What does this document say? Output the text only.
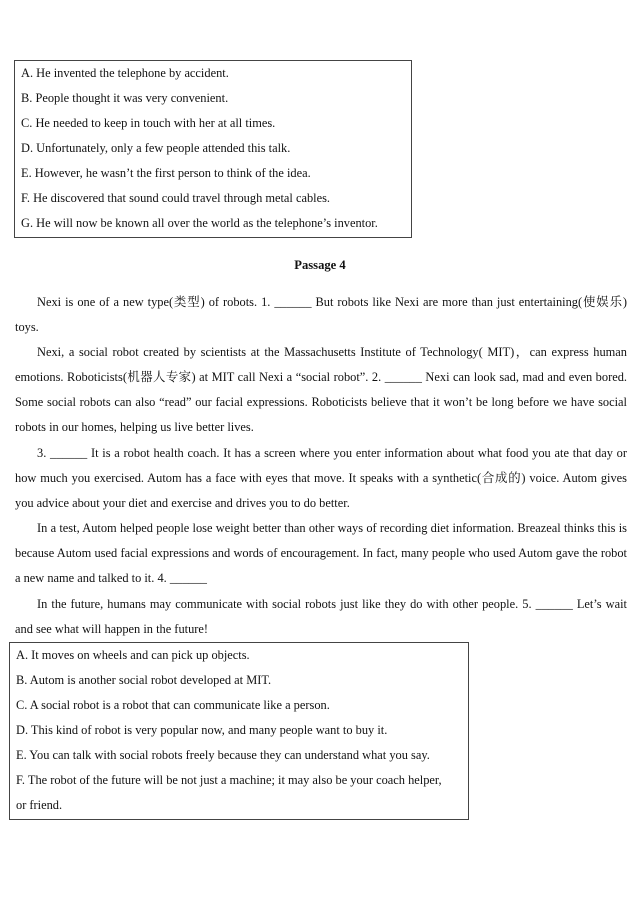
A. He invented the telephone by accident.
B. People thought it was very convenient.
C. He needed to keep in touch with her at all times.
D. Unfortunately, only a few people attended this talk.
E. However, he wasn’t the first person to think of the idea.
F. He discovered that sound could travel through metal cables.
G. He will now be known all over the world as the telephone’s inventor.
Passage 4
Nexi is one of a new type(类型) of robots. 1. ______ But robots like Nexi are more than just entertaining(使娱乐) toys.
Nexi, a social robot created by scientists at the Massachusetts Institute of Technology( MIT)，can express human emotions. Roboticists(机器人专家) at MIT call Nexi a “social robot”. 2. ______ Nexi can look sad, mad and even bored. Some social robots can also “read” our facial expressions. Roboticists believe that it won’t be long before we have social robots in our homes, helping us live better lives.
3. ______ It is a robot health coach. It has a screen where you enter information about what food you ate that day or how much you exercised. Autom has a face with eyes that move. It speaks with a synthetic(合成的) voice. Autom gives you advice about your diet and exercise and drives you to do better.
In a test, Autom helped people lose weight better than other ways of recording diet information. Breazeal thinks this is because Autom used facial expressions and words of encouragement. In fact, many people who used Autom gave the robot a new name and talked to it. 4. ______
In the future, humans may communicate with social robots just like they do with other people. 5. ______ Let’s wait and see what will happen in the future!
A. It moves on wheels and can pick up objects.
B. Autom is another social robot developed at MIT.
C. A social robot is a robot that can communicate like a person.
D. This kind of robot is very popular now, and many people want to buy it.
E. You can talk with social robots freely because they can understand what you say.
F. The robot of the future will be not just a machine; it may also be your coach helper,
or friend.
